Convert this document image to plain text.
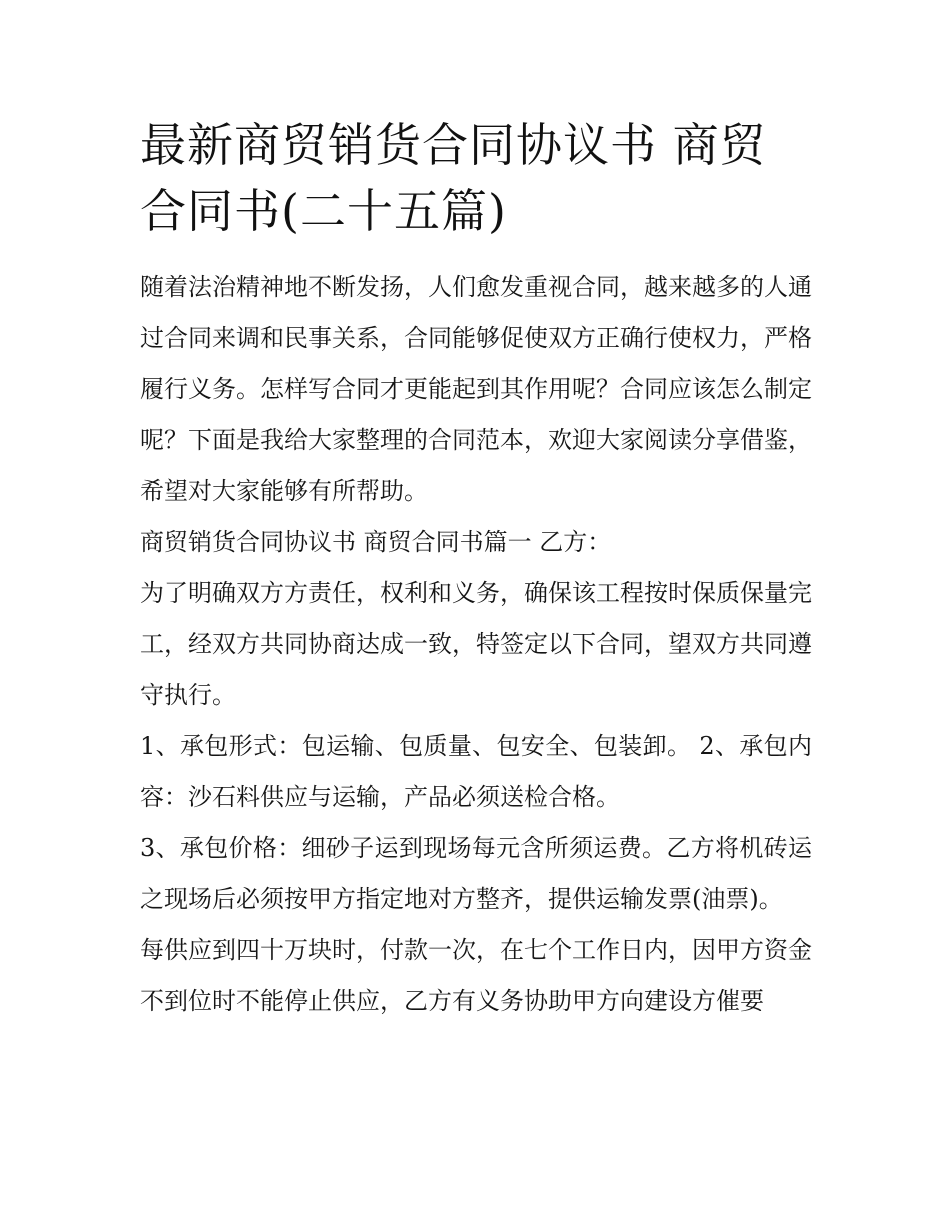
最新商贸销货合同协议书 商贸合同书(二十五篇)

随着法治精神地不断发扬，人们愈发重视合同，越来越多的人通过合同来调和民事关系，合同能够促使双方正确行使权力，严格履行义务。怎样写合同才更能起到其作用呢？合同应该怎么制定呢？下面是我给大家整理的合同范本，欢迎大家阅读分享借鉴，希望对大家能够有所帮助。

商贸销货合同协议书 商贸合同书篇一 乙方：

为了明确双方方责任，权利和义务，确保该工程按时保质保量完工，经双方共同协商达成一致，特签定以下合同，望双方共同遵守执行。

1、承包形式：包运输、包质量、包安全、包装卸。 2、承包内容：沙石料供应与运输，产品必须送检合格。

3、承包价格：细砂子运到现场每元含所须运费。乙方将机砖运之现场后必须按甲方指定地对方整齐，提供运输发票(油票)。

每供应到四十万块时，付款一次，在七个工作日内，因甲方资金不到位时不能停止供应，乙方有义务协助甲方向建设方催要
